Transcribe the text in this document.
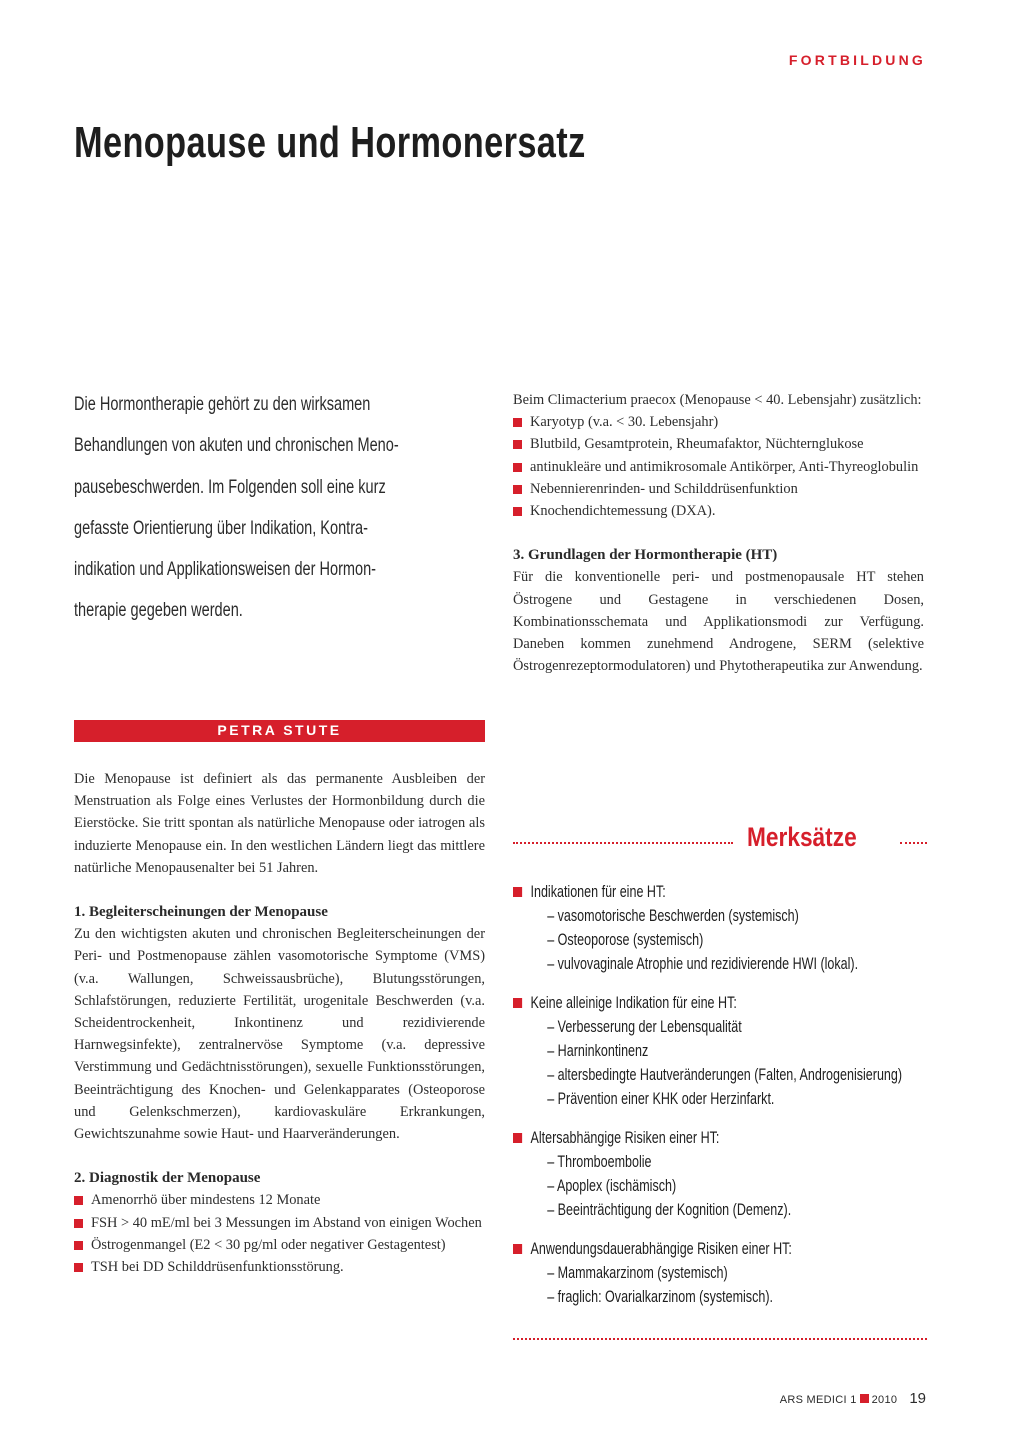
FORTBILDUNG
Menopause und Hormonersatz
Die Hormontherapie gehört zu den wirksamen
Behandlungen von akuten und chronischen Meno-
pausebeschwerden. Im Folgenden soll eine kurz
gefasste Orientierung über Indikation, Kontra-
indikation und Applikationsweisen der Hormon-
therapie gegeben werden.
PETRA STUTE

Die Menopause ist definiert als das permanente Ausbleiben der Menstruation als Folge eines Verlustes der Hormonbildung durch die Eierstöcke. Sie tritt spontan als natürliche Menopause oder iatrogen als induzierte Menopause ein. In den westlichen Ländern liegt das mittlere natürliche Menopausenalter bei 51 Jahren.

1. Begleiterscheinungen der Menopause

Zu den wichtigsten akuten und chronischen Begleiterscheinungen der Peri- und Postmenopause zählen vasomotorische Symptome (VMS) (v.a. Wallungen, Schweissausbrüche), Blutungsstörungen, Schlafstörungen, reduzierte Fertilität, urogenitale Beschwerden (v.a. Scheidentrockenheit, Inkontinenz und rezidivierende Harnwegsinfekte), zentralnervöse Symptome (v.a. depressive Verstimmung und Gedächtnisstörungen), sexuelle Funktionsstörungen, Beeinträchtigung des Knochen- und Gelenkapparates (Osteoporose und Gelenkschmerzen), kardiovaskuläre Erkrankungen, Gewichtszunahme sowie Haut- und Haarveränderungen.

2. Diagnostik der Menopause
Amenorrhö über mindestens 12 Monate
FSH > 40 mE/ml bei 3 Messungen im Abstand von einigen Wochen
Östrogenmangel (E2 < 30 pg/ml oder negativer Gestagentest)
TSH bei DD Schilddrüsenfunktionsstörung.

Beim Climacterium praecox (Menopause < 40. Lebensjahr) zusätzlich:

Karyotyp (v.a. < 30. Lebensjahr)
Blutbild, Gesamtprotein, Rheumafaktor, Nüchternglukose
antinukleäre und antimikrosomale Antikörper, Anti-Thyreoglobulin
Nebennierenrinden- und Schilddrüsenfunktion
Knochendichtemessung (DXA).
3. Grundlagen der Hormontherapie (HT)

Für die konventionelle peri- und postmenopausale HT stehen Östrogene und Gestagene in verschiedenen Dosen, Kombinationsschemata und Applikationsmodi zur Verfügung. Daneben kommen zunehmend Androgene, SERM (selektive Östrogenrezeptormodulatoren) und Phytotherapeutika zur Anwendung.

Merksätze
Indikationen für eine HT:
– vasomotorische Beschwerden (systemisch)
– Osteoporose (systemisch)
– vulvovaginale Atrophie und rezidivierende HWI (lokal).
Keine alleinige Indikation für eine HT:
– Verbesserung der Lebensqualität
– Harninkontinenz
– altersbedingte Hautveränderungen (Falten, Androgenisierung)
– Prävention einer KHK oder Herzinfarkt.
Altersabhängige Risiken einer HT:
– Thromboembolie
– Apoplex (ischämisch)
– Beeinträchtigung der Kognition (Demenz).
Anwendungsdauerabhängige Risiken einer HT:
– Mammakarzinom (systemisch)
– fraglich: Ovarialkarzinom (systemisch).
ARS MEDICI 1 2010 19
